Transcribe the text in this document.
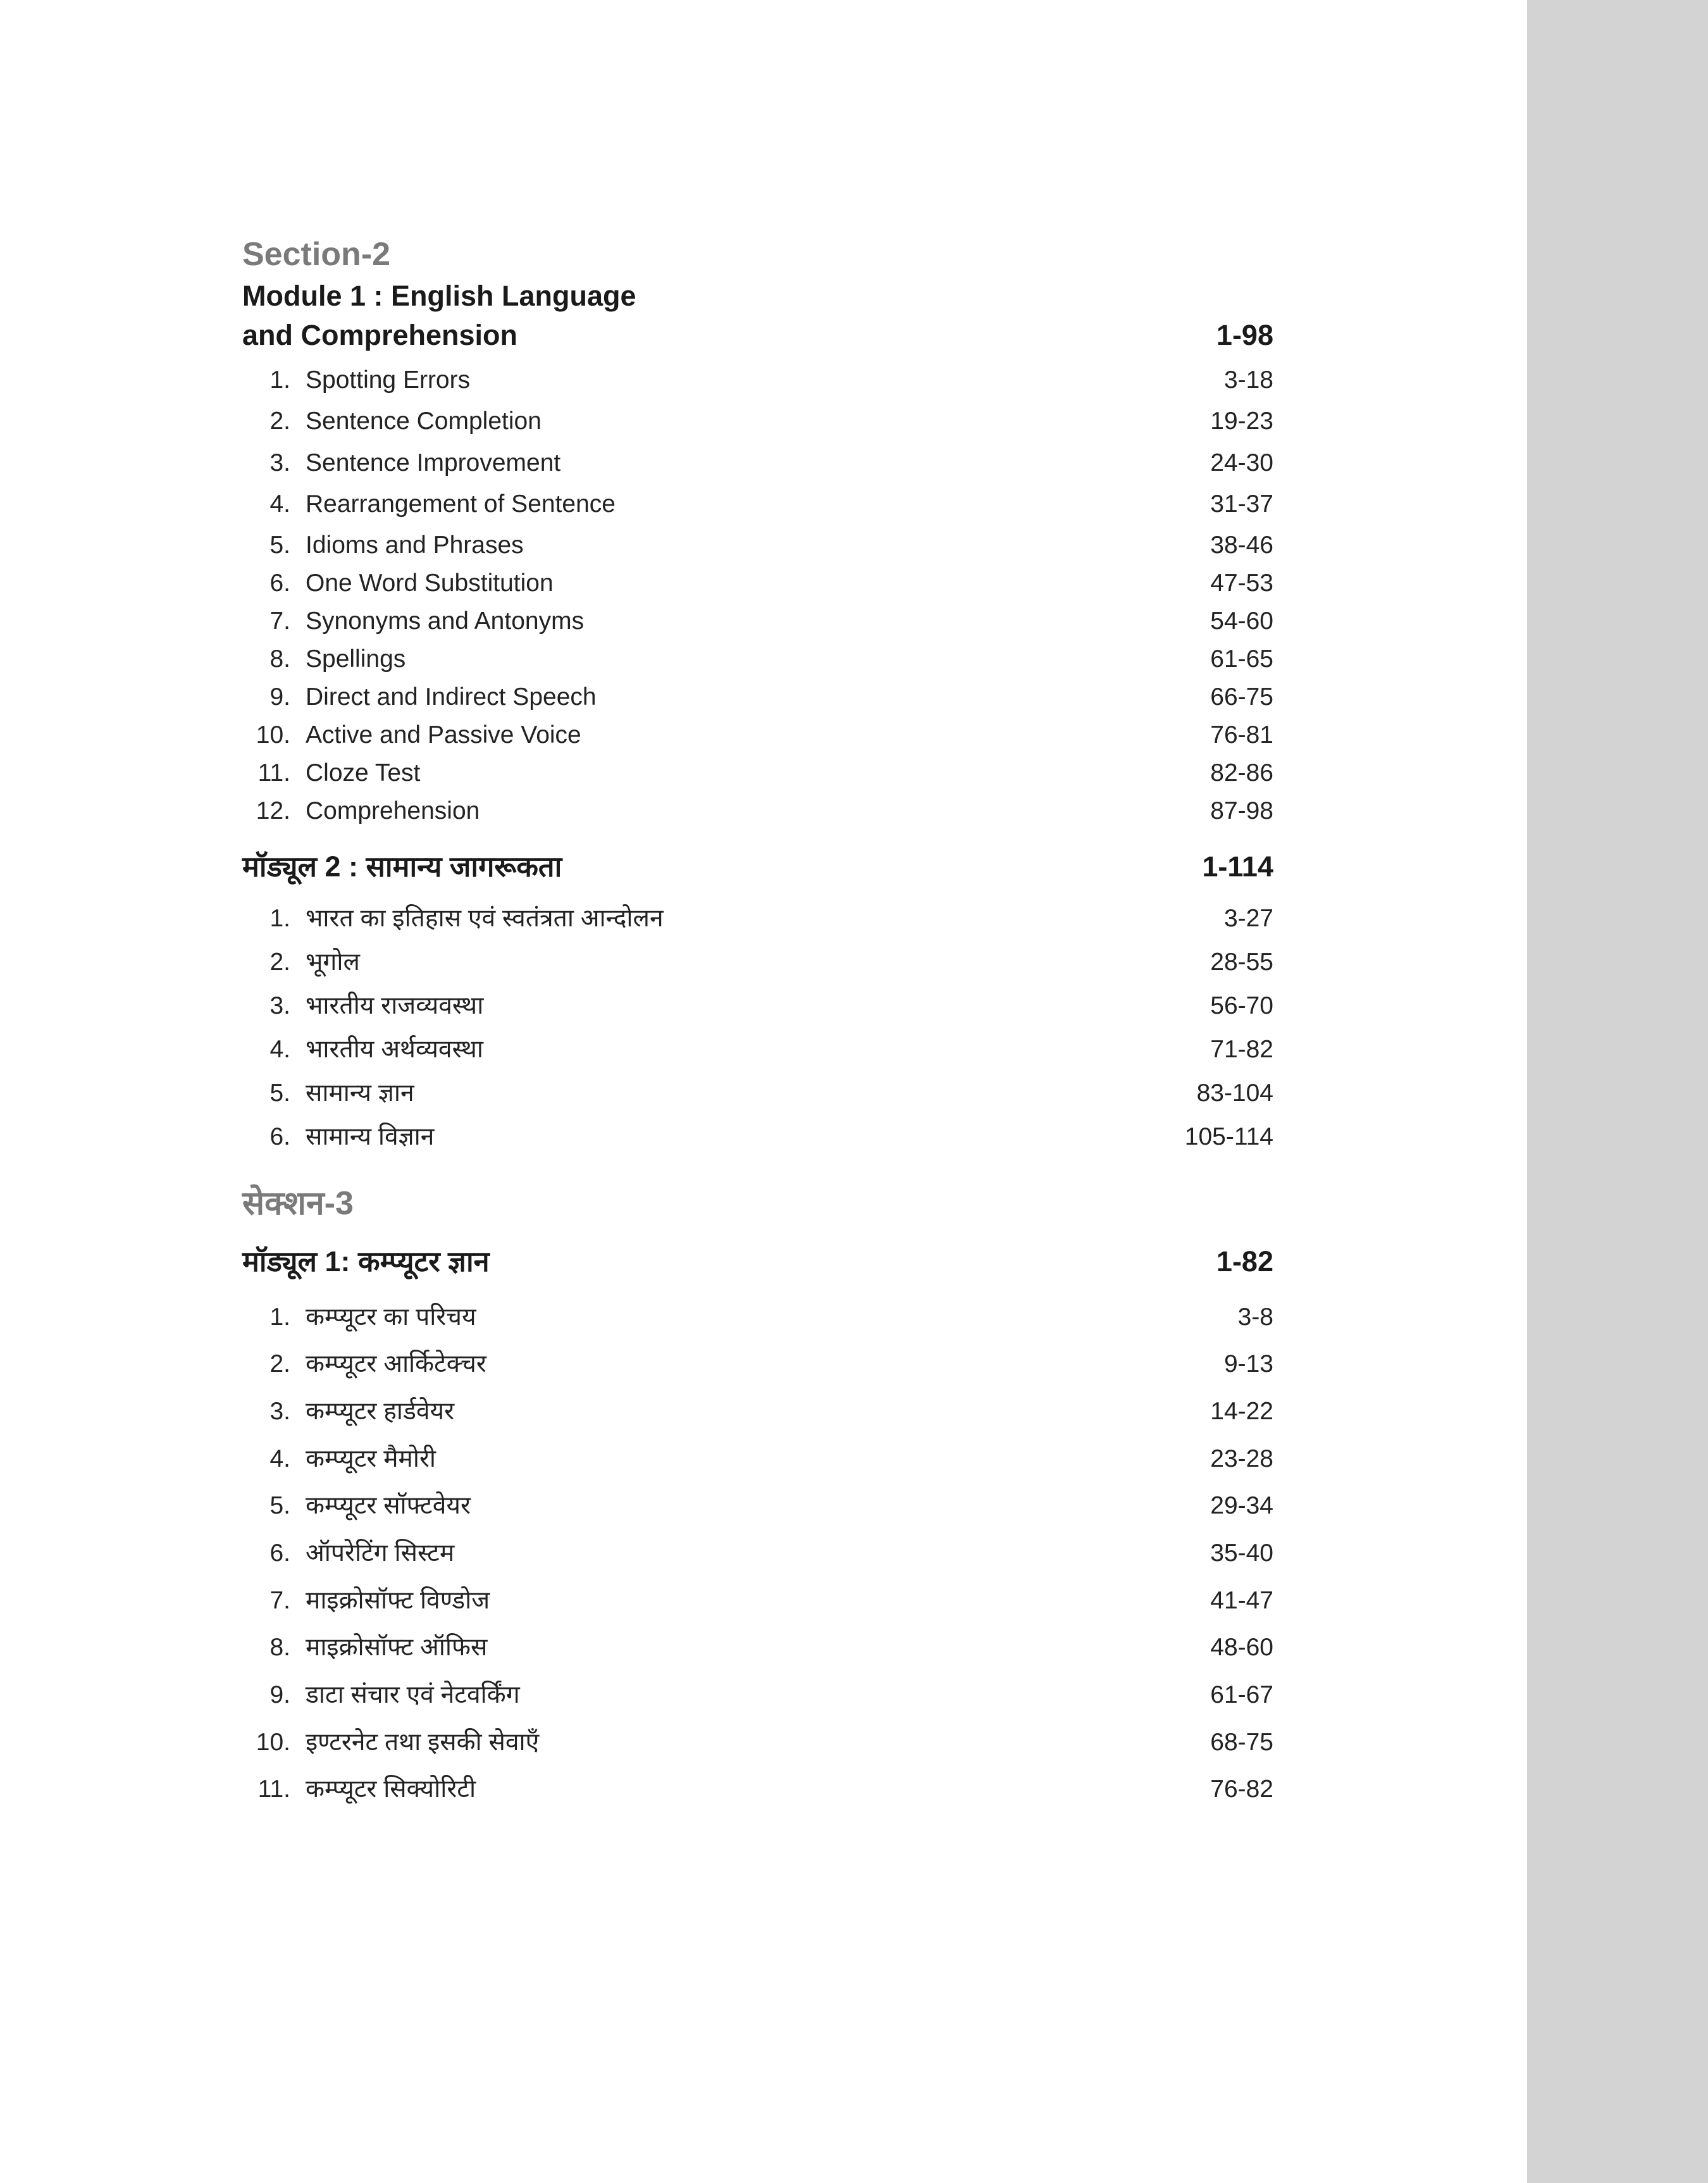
Section-2
Module 1 : English Language
and Comprehension	1-98
1. Spotting Errors	3-18
2. Sentence Completion	19-23
3. Sentence Improvement	24-30
4. Rearrangement of Sentence	31-37
5. Idioms and Phrases	38-46
6. One Word Substitution	47-53
7. Synonyms and Antonyms	54-60
8. Spellings	61-65
9. Direct and Indirect Speech	66-75
10. Active and Passive Voice	76-81
11. Cloze Test	82-86
12. Comprehension	87-98
मॉड्यूल 2 : सामान्य जागरूकता	1-114
1. भारत का इतिहास एवं स्वतंत्रता आन्दोलन	3-27
2. भूगोल	28-55
3. भारतीय राजव्यवस्था	56-70
4. भारतीय अर्थव्यवस्था	71-82
5. सामान्य ज्ञान	83-104
6. सामान्य विज्ञान	105-114
सेक्शन-3
मॉड्यूल 1: कम्प्यूटर ज्ञान	1-82
1. कम्प्यूटर का परिचय	3-8
2. कम्प्यूटर आर्किटेक्चर	9-13
3. कम्प्यूटर हार्डवेयर	14-22
4. कम्प्यूटर मैमोरी	23-28
5. कम्प्यूटर सॉफ्टवेयर	29-34
6. ऑपरेटिंग सिस्टम	35-40
7. माइक्रोसॉफ्ट विण्डोज	41-47
8. माइक्रोसॉफ्ट ऑफिस	48-60
9. डाटा संचार एवं नेटवर्किंग	61-67
10. इण्टरनेट तथा इसकी सेवाएँ	68-75
11. कम्प्यूटर सिक्योरिटी	76-82
